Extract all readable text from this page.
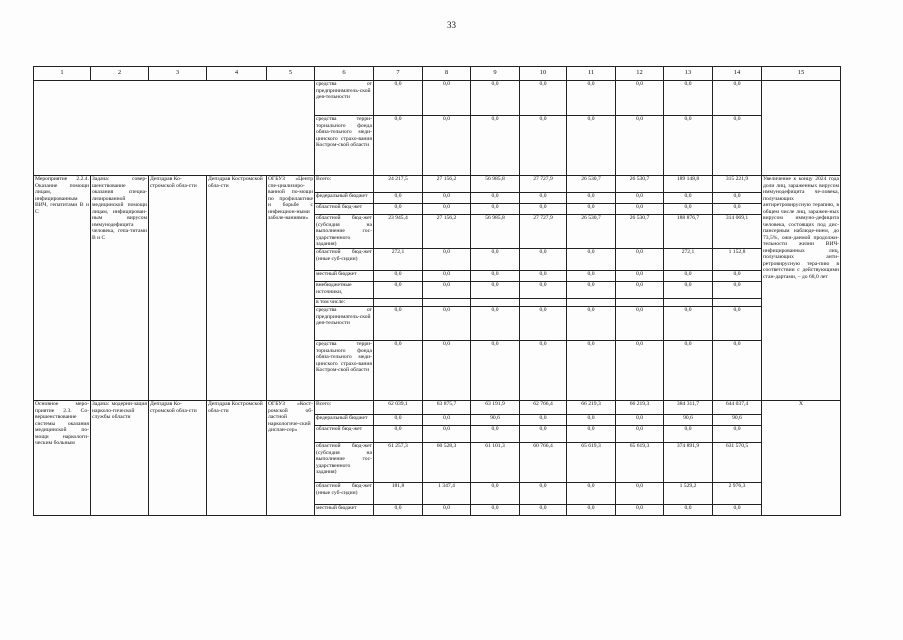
33
1	2	3	4	5	6	7	8	9	10	11	12	13	14	15
					средства от предприниматель-ской дея-тельности	0,0	0,0	0,0	0,0	0,0	0,0	0,0	0,0	
					средства терри-ториального фонда обяза-тельного меди-цинского страхо-вания Костром-ской области	0,0	0,0	0,0	0,0	0,0	0,0	0,0	0,0	
Мероприятие 2.2.4. Оказание помощи лицам, инфицированным ВИЧ, гепатитами В и С	Задача: совер-шенствование оказания специа-лизированной медицинской помощи лицам, инфицирован-ным вирусом иммунодефицита человека, гепа-титами В и С	Депздрав Ко-стромской обла-сти	Депздрав Костромской обла-сти	ОГБУЗ «Центр спе-циализиро-ванной по-мощи по профилактике и борьбе с инфекцион-ными заболе-ваниями»	Всего:	24 217,5	27 156,2	56 985,8	27 727,9	26 530,7	26 530,7	189 148,8	315 221,9	Увеличение к концу 2024 года доли лиц, зараженных вирусом иммунодефицита че-ловека, получающих антиретровирусную терапию, в общем числе лиц, заражен-ных вирусом иммуно-дефицита человека, состоящих под дис-пансерным наблюде-нием, до 73,5%, ожи-даемой продолжи-тельности жизни ВИЧ-инфицированных лиц, получающих анти-ретровирусную тера-пию в соответствии с действующими стан-дартами, – до 68,0 лет
					федеральный бюджет	0,0	0,0	0,0	0,0	0,0	0,0	0,0	0,0	
					областной бюд-жет	0,0	0,0	0,0	0,0	0,0	0,0	0,0	0,0	
					областной бюд-жет (субсидия на выполнение гос-ударственного задания)	23 945,4	27 156,2	56 985,8	27 727,9	26 530,7	26 530,7	188 876,7	314 069,1	
					областной бюд-жет (иные суб-сидии)	272,1	0,0	0,0	0,0	0,0	0,0	272,1	1 152,8	
					местный бюджет	0,0	0,0	0,0	0,0	0,0	0,0	0,0	0,0	
					внебюджетные источники,	0,0	0,0	0,0	0,0	0,0	0,0	0,0	0,0	
					в том числе:									
					средства от предприниматель-ской дея-тельности	0,0	0,0	0,0	0,0	0,0	0,0	0,0	0,0	
					средства терри-ториального фонда обяза-тельного меди-цинского страхо-вания Костром-ской области	0,0	0,0	0,0	0,0	0,0	0,0	0,0	0,0	
Основное меро-приятие 2.3. Со-вершенствование системы оказания медицинской по-мощи наркологи-ческим больным	Задача: модерни-зация нарколо-гической службы области	Депздрав Ко-стромской обла-сти	Депздрав Костромской обла-сти	ОГБУЗ «Кост-ромской об-ластной наркологиче-ский диспан-сер»	Всего:	62 039,1	63 875,7	63 191,9	62 766,4	66 219,3	66 219,3	384 311,7	644 037,4	Х
					федеральный бюджет	0,0	0,0	90,6	0,0	0,0	0,0	90,6	90,6	
					областной бюд-жет	0,0	0,0	0,0	0,0	0,0	0,0	0,0	0,0	
					областной бюд-жет (субсидия на выполнение гос-ударственного задания)	61 257,3	60 528,3	61 101,3	60 766,4	65 619,3	65 619,3	374 891,9	631 570,5	
					областной бюд-жет (иные суб-сидии)	181,8	1 347,4	0,0	0,0	0,0	0,0	1 529,2	2 976,3	
					местный бюджет	0,0	0,0	0,0	0,0	0,0	0,0	0,0	0,0	
